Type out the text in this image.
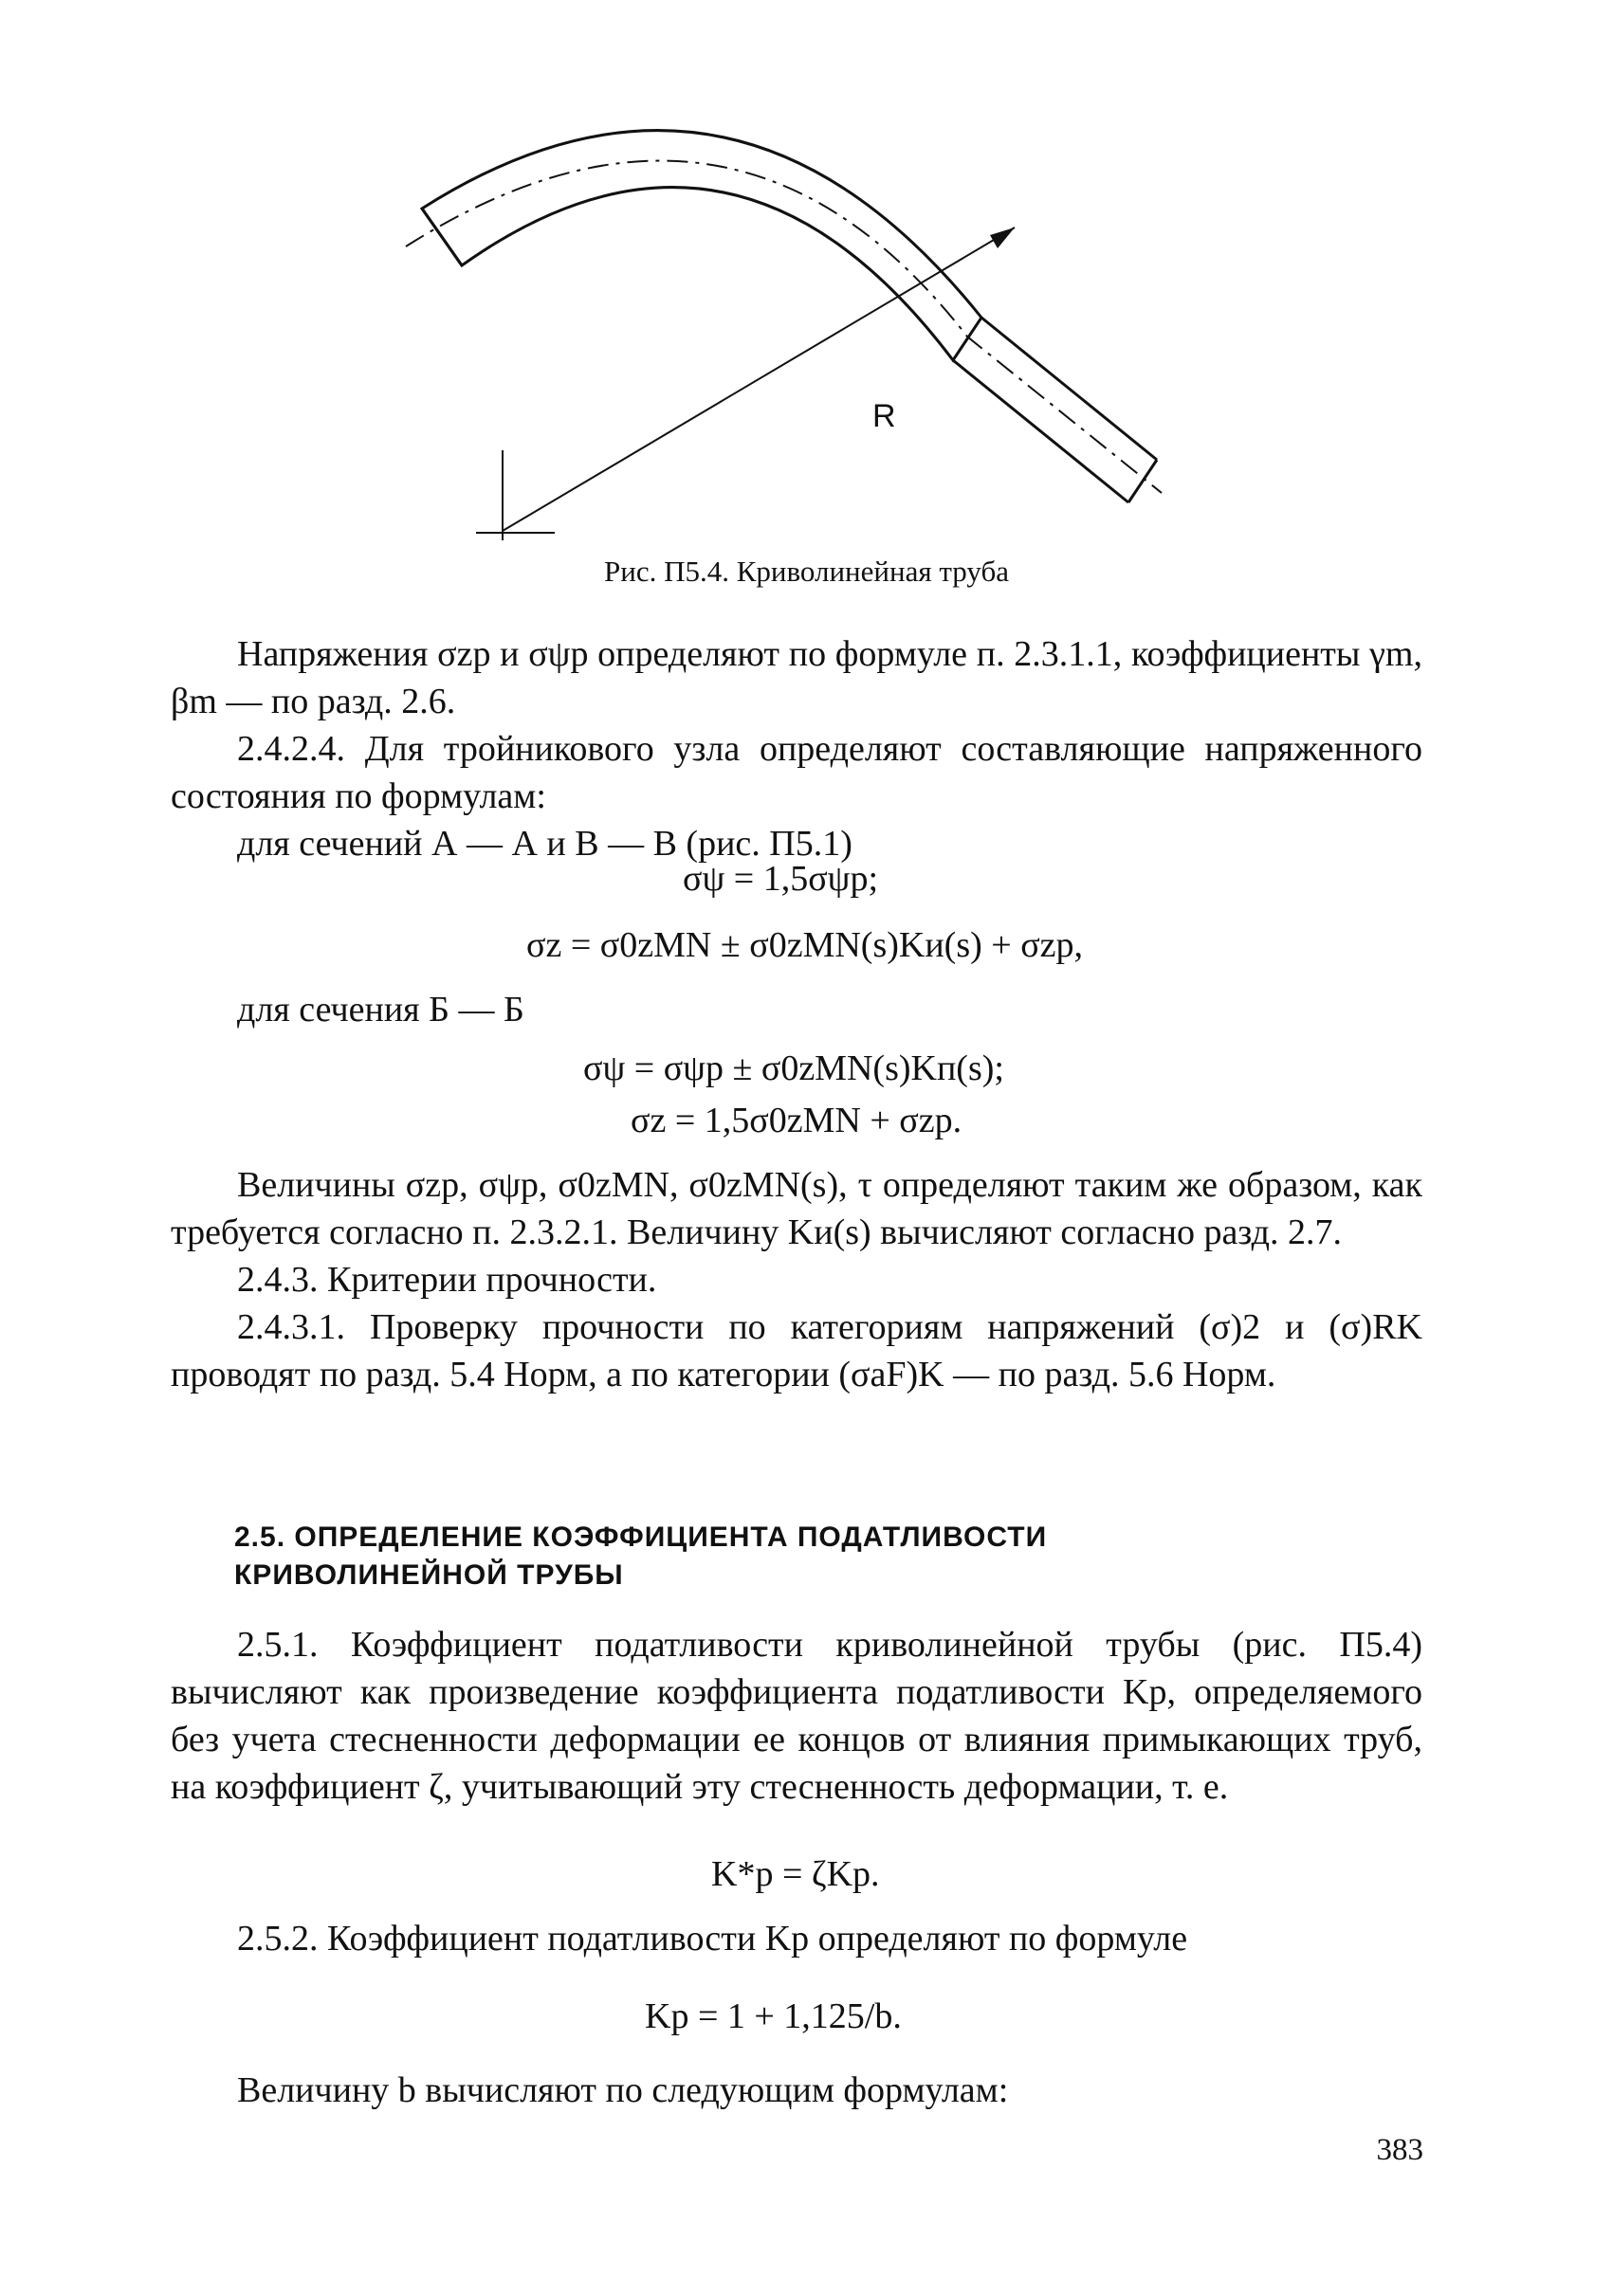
R
Рис. П5.4. Криволинейная труба

Напряжения σzp и σψp определяют по формуле п. 2.3.1.1, коэффициенты γm, βm — по разд. 2.6.

2.4.2.4. Для тройникового узла определяют составляющие напряженного состояния по формулам:

для сечений А — А и В — В (рис. П5.1)

σψ = 1,5σψp;
σz = σ0zMN ± σ0zMN(s)Kи(s) + σzp,

для сечения Б — Б

σψ = σψp ± σ0zMN(s)Kп(s);
σz = 1,5σ0zMN + σzp.

Величины σzp, σψp, σ0zMN, σ0zMN(s), τ определяют таким же образом, как требуется согласно п. 2.3.2.1. Величину Kи(s) вычисляют согласно разд. 2.7.

2.4.3. Критерии прочности.

2.4.3.1. Проверку прочности по категориям напряжений (σ)2 и (σ)RK проводят по разд. 5.4 Норм, а по категории (σaF)K — по разд. 5.6 Норм.

2.5. ОПРЕДЕЛЕНИЕ КОЭФФИЦИЕНТА ПОДАТЛИВОСТИ
КРИВОЛИНЕЙНОЙ ТРУБЫ

2.5.1. Коэффициент податливости криволинейной трубы (рис. П5.4) вычисляют как произведение коэффициента податливости Kp, определяемого без учета стесненности деформации ее концов от влияния примыкающих труб, на коэффициент ζ, учитывающий эту стесненность деформации, т. е.

K*p = ζKp.

2.5.2. Коэффициент податливости Kp определяют по формуле

Kp = 1 + 1,125/b.

Величину b вычисляют по следующим формулам:

383
